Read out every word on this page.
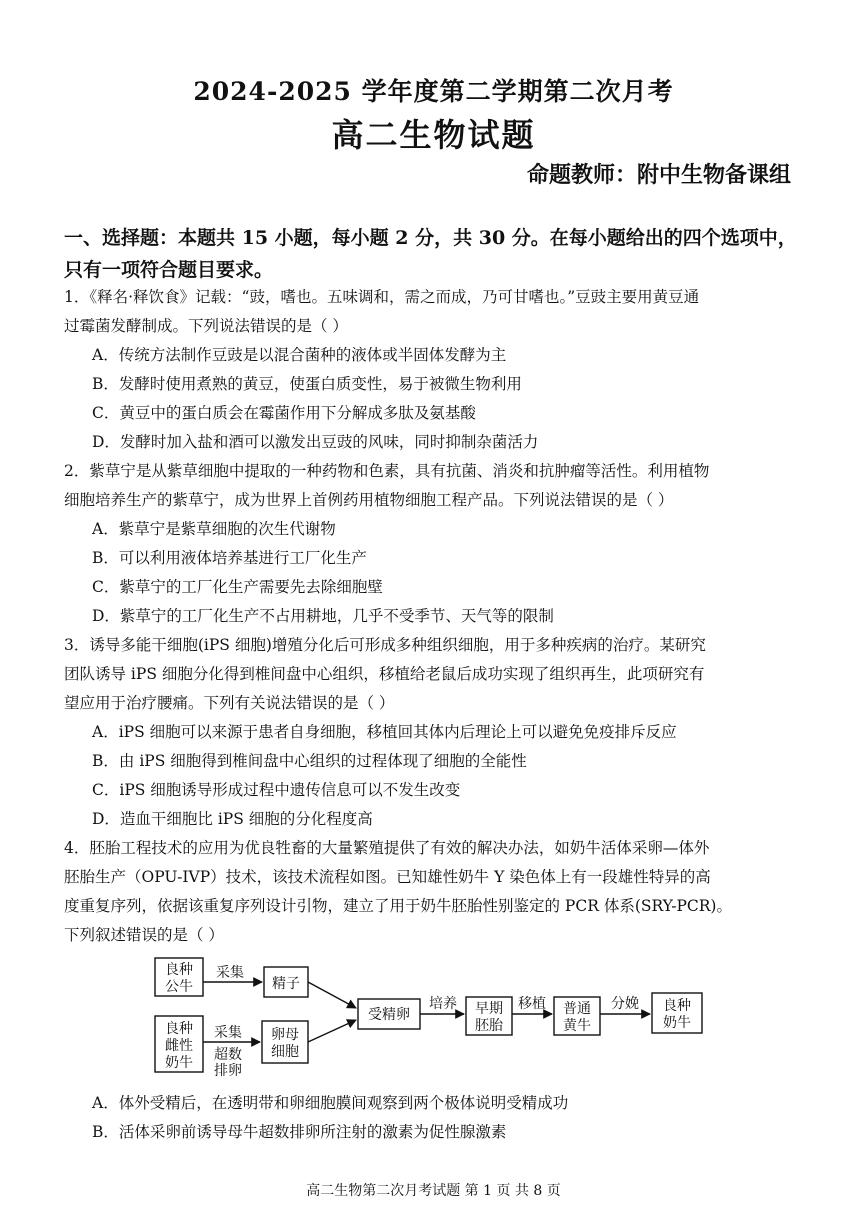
2024-2025 学年度第二学期第二次月考
高二生物试题
命题教师：附中生物备课组
一、选择题：本题共 15 小题，每小题 2 分，共 30 分。在每小题给出的四个选项中，只有一项符合题目要求。
1．《释名·释饮食》记载：“豉，嗜也。五味调和，需之而成，乃可甘嗜也。”豆豉主要用黄豆通
过霉菌发酵制成。下列说法错误的是（ ）
A．传统方法制作豆豉是以混合菌种的液体或半固体发酵为主
B．发酵时使用煮熟的黄豆，使蛋白质变性，易于被微生物利用
C．黄豆中的蛋白质会在霉菌作用下分解成多肽及氨基酸
D．发酵时加入盐和酒可以激发出豆豉的风味，同时抑制杂菌活力
2．紫草宁是从紫草细胞中提取的一种药物和色素，具有抗菌、消炎和抗肿瘤等活性。利用植物
细胞培养生产的紫草宁，成为世界上首例药用植物细胞工程产品。下列说法错误的是（ ）
A．紫草宁是紫草细胞的次生代谢物
B．可以利用液体培养基进行工厂化生产
C．紫草宁的工厂化生产需要先去除细胞壁
D．紫草宁的工厂化生产不占用耕地，几乎不受季节、天气等的限制
3．诱导多能干细胞(iPS 细胞)增殖分化后可形成多种组织细胞，用于多种疾病的治疗。某研究
团队诱导 iPS 细胞分化得到椎间盘中心组织，移植给老鼠后成功实现了组织再生，此项研究有
望应用于治疗腰痛。下列有关说法错误的是（ ）
A．iPS 细胞可以来源于患者自身细胞，移植回其体内后理论上可以避免免疫排斥反应
B．由 iPS 细胞得到椎间盘中心组织的过程体现了细胞的全能性
C．iPS 细胞诱导形成过程中遗传信息可以不发生改变
D．造血干细胞比 iPS 细胞的分化程度高
4．胚胎工程技术的应用为优良牲畜的大量繁殖提供了有效的解决办法，如奶牛活体采卵—体外
胚胎生产（OPU-IVP）技术，该技术流程如图。已知雄性奶牛 Y 染色体上有一段雄性特异的高
度重复序列，依据该重复序列设计引物，建立了用于奶牛胚胎性别鉴定的 PCR 体系(SRY-PCR)。
下列叙述错误的是（ ）
良种
公牛	精子
良种
雌性
奶牛
卵母
细胞
受精卵	早期
胚胎
普通
黄牛
良种
奶牛
采集
采集
超数
排卵
培养	移植	分娩
A．体外受精后，在透明带和卵细胞膜间观察到两个极体说明受精成功
B．活体采卵前诱导母牛超数排卵所注射的激素为促性腺激素
高二生物第二次月考试题 第 1 页 共 8 页
